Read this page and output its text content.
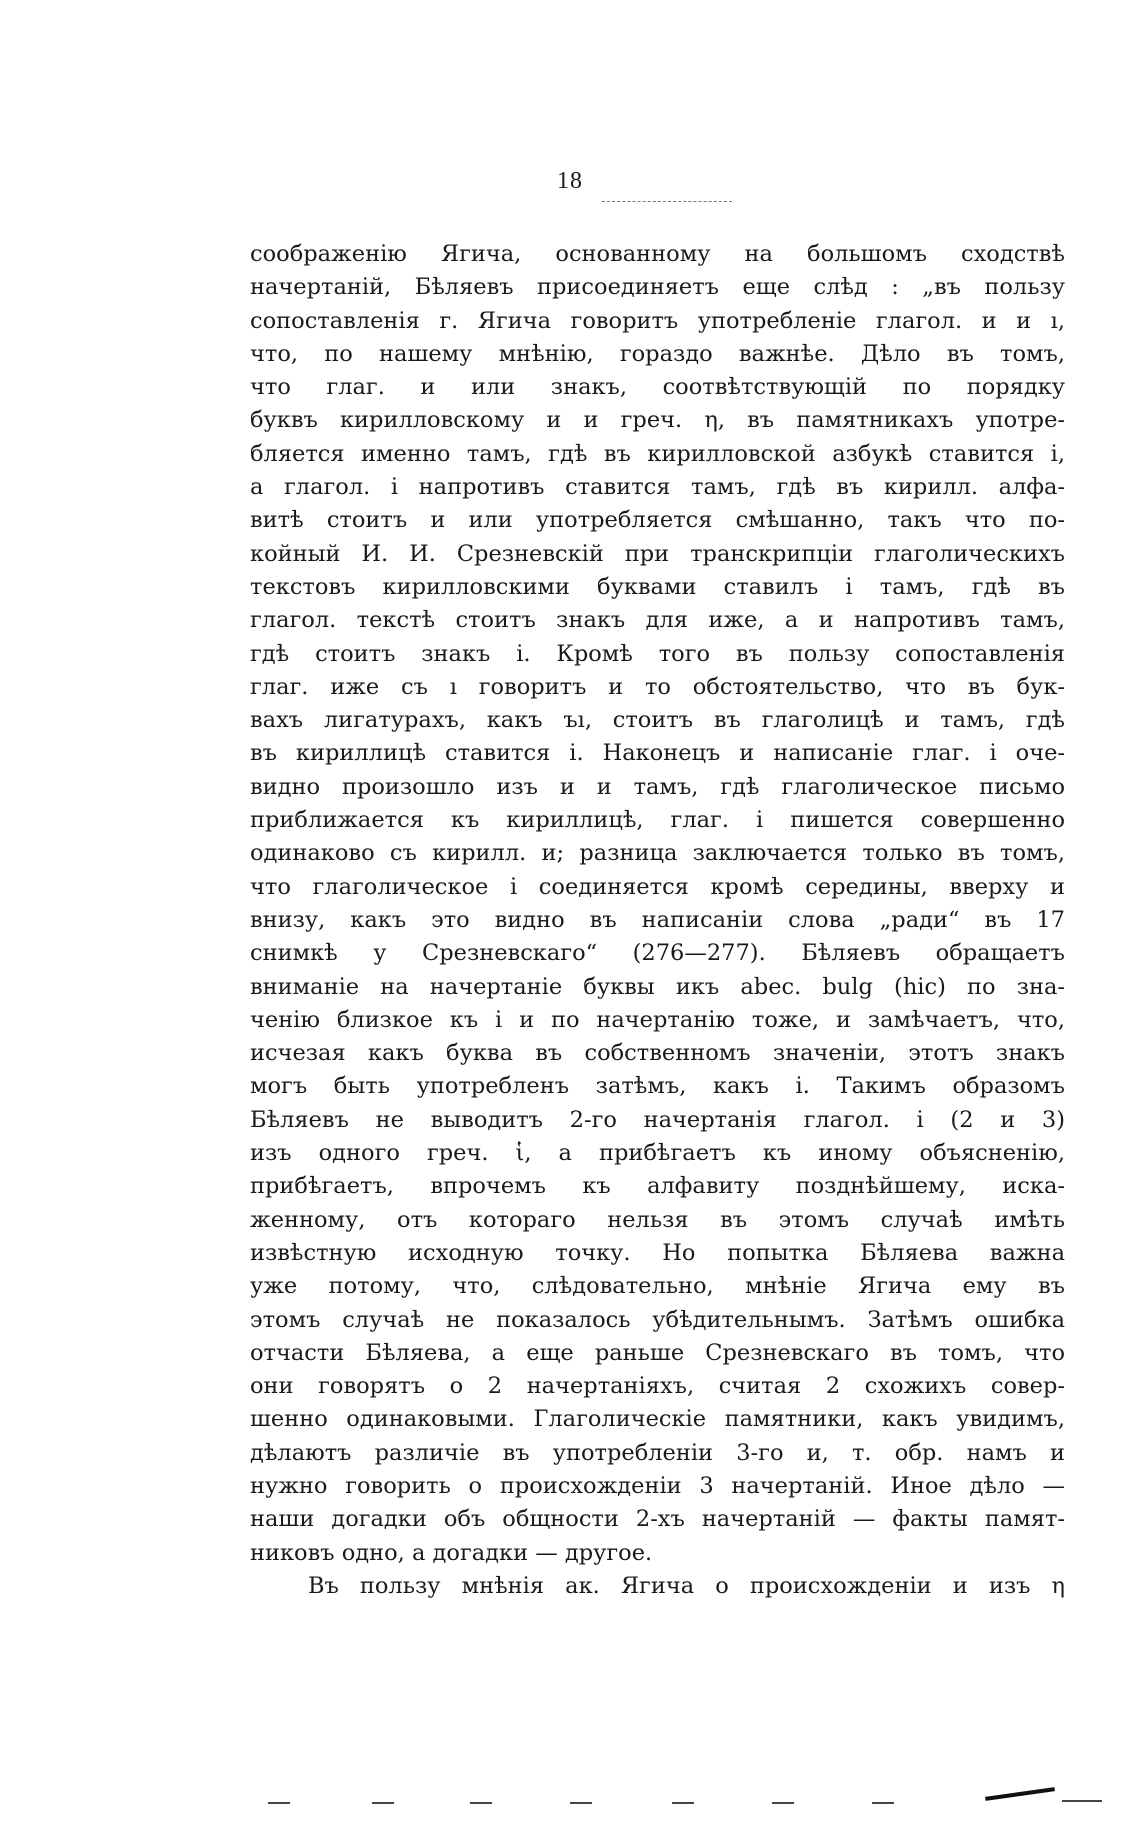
18
соображенію Ягича, основанному на большомъ сходствѣ
начертаній, Бѣляевъ присоединяетъ еще слѣд : „въ пользу
сопоставленія г. Ягича говоритъ употребленіе глагол. и и ı,
что, по нашему мнѣнію, гораздо важнѣе. Дѣло въ томъ,
что глаг. и или знакъ, соотвѣтствующій по порядку
буквъ кирилловскому и и греч. η, въ памятникахъ употре-
бляется именно тамъ, гдѣ въ кирилловской азбукѣ ставится і,
а глагол. і напротивъ ставится тамъ, гдѣ въ кирилл. алфа-
витѣ стоитъ и или употребляется смѣшанно, такъ что по-
койный И. И. Срезневскій при транскрипціи глаголическихъ
текстовъ кирилловскими буквами ставилъ і тамъ, гдѣ въ
глагол. текстѣ стоитъ знакъ для иже, а и напротивъ тамъ,
гдѣ стоитъ знакъ і. Кромѣ того въ пользу сопоставленія
глаг. иже съ ı говоритъ и то обстоятельство, что въ бук-
вахъ лигатурахъ, какъ ъı, стоитъ въ глаголицѣ и тамъ, гдѣ
въ кириллицѣ ставится і. Наконецъ и написаніе глаг. і оче-
видно произошло изъ и и тамъ, гдѣ глаголическое письмо
приближается къ кириллицѣ, глаг. і пишется совершенно
одинаково съ кирилл. и; разница заключается только въ томъ,
что глаголическое і соединяется кромѣ середины, вверху и
внизу, какъ это видно въ написаніи слова „ради“ въ 17
снимкѣ у Срезневскаго“ (276—277). Бѣляевъ обращаетъ
вниманіе на начертаніе буквы икъ abec. bulg (hic) по зна-
ченію близкое къ і и по начертанію тоже, и замѣчаетъ, что,
исчезая какъ буква въ собственномъ значеніи, этотъ знакъ
могъ быть употребленъ затѣмъ, какъ і. Такимъ образомъ
Бѣляевъ не выводитъ 2-го начертанія глагол. і (2 и 3)
изъ одного греч. ἱ, а прибѣгаетъ къ иному объясненію,
прибѣгаетъ, впрочемъ къ алфавиту позднѣйшему, иска-
женному, отъ котораго нельзя въ этомъ случаѣ имѣть
извѣстную исходную точку. Но попытка Бѣляева важна
уже потому, что, слѣдовательно, мнѣніе Ягича ему въ
этомъ случаѣ не показалось убѣдительнымъ. Затѣмъ ошибка
отчасти Бѣляева, а еще раньше Срезневскаго въ томъ, что
они говорятъ о 2 начертаніяхъ, считая 2 схожихъ совер-
шенно одинаковыми. Глаголическіе памятники, какъ увидимъ,
дѣлаютъ различіе въ употребленіи 3-го и, т. обр. намъ и
нужно говорить о происхожденіи 3 начертаній. Иное дѣло —
наши догадки объ общности 2-хъ начертаній — факты памят-
никовъ одно, а догадки — другое.
Въ пользу мнѣнія ак. Ягича о происхожденіи и изъ η
